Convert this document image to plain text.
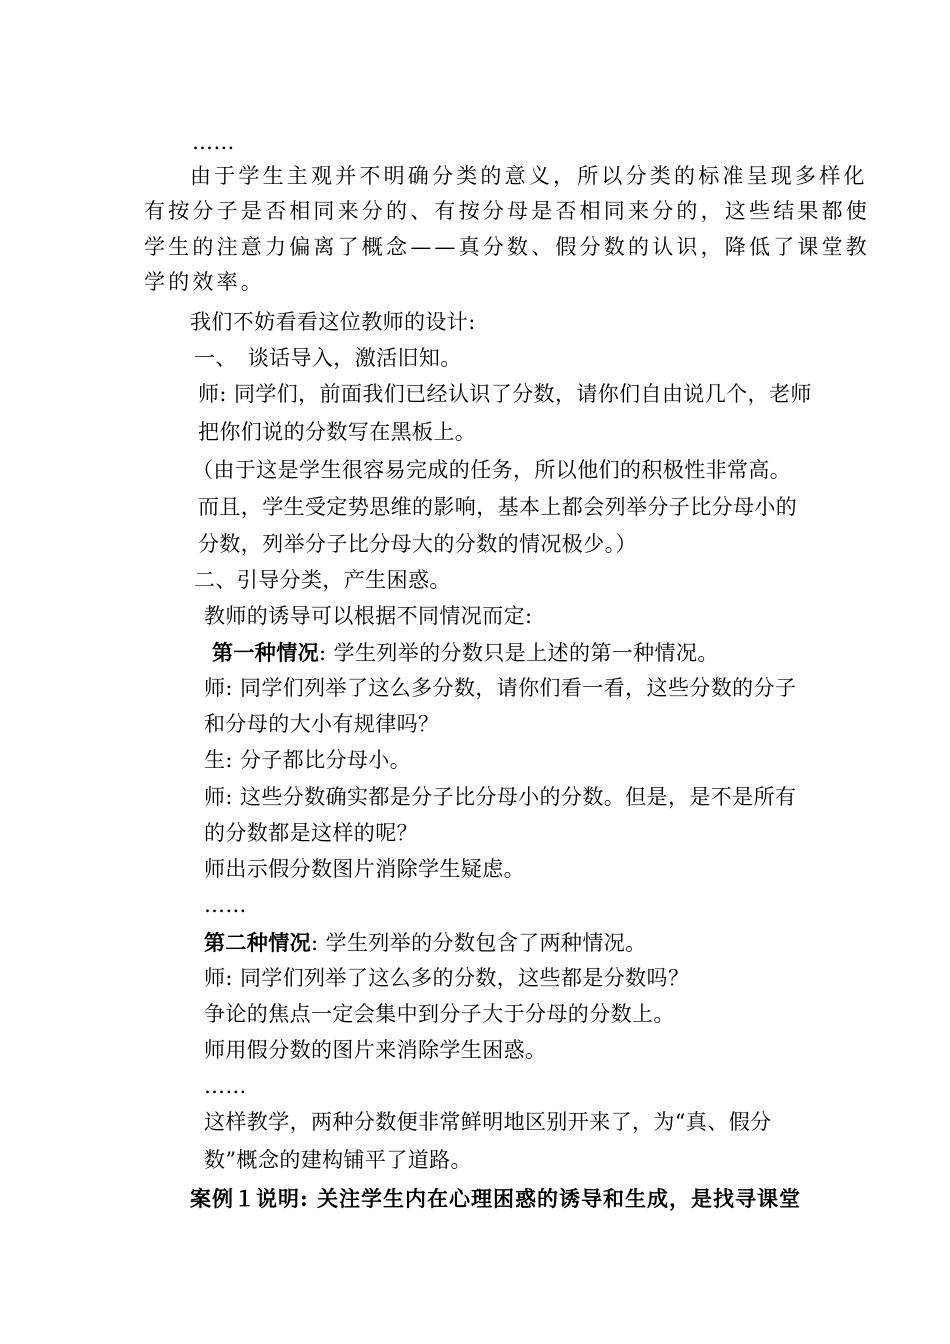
……
由于学生主观并不明确分类的意义，所以分类的标准呈现多样化
有按分子是否相同来分的、有按分母是否相同来分的，这些结果都使
学生的注意力偏离了概念——真分数、假分数的认识，降低了课堂教
学的效率。
我们不妨看看这位教师的设计:
一、　谈话导入，激活旧知。
师: 同学们，前面我们已经认识了分数，请你们自由说几个，老师
把你们说的分数写在黑板上。
（由于这是学生很容易完成的任务，所以他们的积极性非常高。
而且，学生受定势思维的影响，基本上都会列举分子比分母小的
分数，列举分子比分母大的分数的情况极少。）
二、引导分类，产生困惑。
教师的诱导可以根据不同情况而定:
第一种情况: 学生列举的分数只是上述的第一种情况。
师: 同学们列举了这么多分数，请你们看一看，这些分数的分子
和分母的大小有规律吗？
生: 分子都比分母小。
师: 这些分数确实都是分子比分母小的分数。但是，是不是所有
的分数都是这样的呢？
师出示假分数图片消除学生疑虑。
……
第二种情况: 学生列举的分数包含了两种情况。
师: 同学们列举了这么多的分数，这些都是分数吗？
争论的焦点一定会集中到分子大于分母的分数上。
师用假分数的图片来消除学生困惑。
……
这样教学，两种分数便非常鲜明地区别开来了，为“真、假分
数”概念的建构铺平了道路。
案例１说明: 关注学生内在心理困惑的诱导和生成，是找寻课堂
